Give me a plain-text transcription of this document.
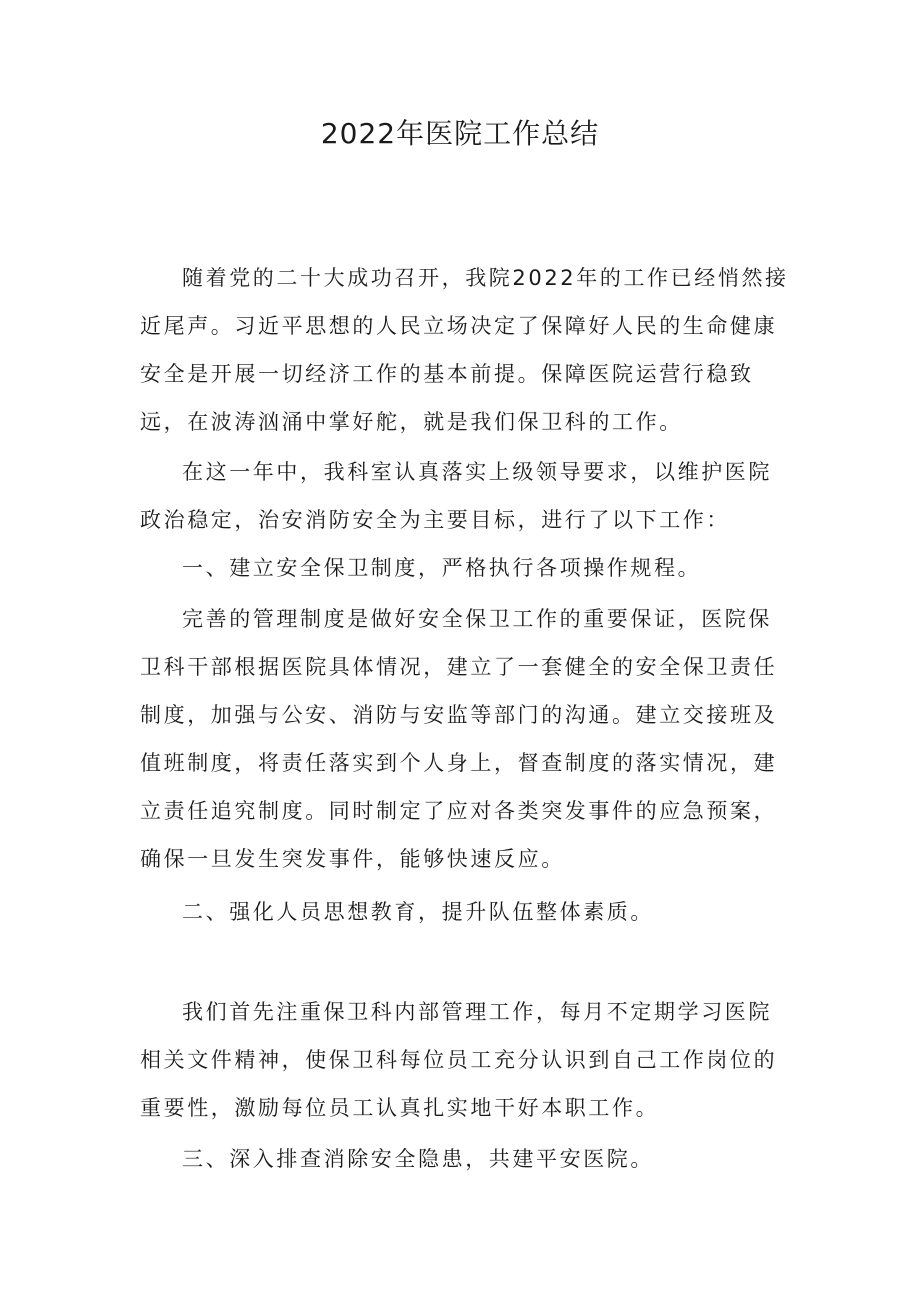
2022年医院工作总结

随着党的二十大成功召开，我院2022年的工作已经悄然接近尾声。习近平思想的人民立场决定了保障好人民的生命健康安全是开展一切经济工作的基本前提。保障医院运营行稳致远，在波涛汹涌中掌好舵，就是我们保卫科的工作。

在这一年中，我科室认真落实上级领导要求，以维护医院政治稳定，治安消防安全为主要目标，进行了以下工作：

一、建立安全保卫制度，严格执行各项操作规程。

完善的管理制度是做好安全保卫工作的重要保证，医院保卫科干部根据医院具体情况，建立了一套健全的安全保卫责任制度，加强与公安、消防与安监等部门的沟通。建立交接班及值班制度，将责任落实到个人身上，督查制度的落实情况，建立责任追究制度。同时制定了应对各类突发事件的应急预案，确保一旦发生突发事件，能够快速反应。

二、强化人员思想教育，提升队伍整体素质。

我们首先注重保卫科内部管理工作，每月不定期学习医院相关文件精神，使保卫科每位员工充分认识到自己工作岗位的重要性，激励每位员工认真扎实地干好本职工作。

三、深入排查消除安全隐患，共建平安医院。
